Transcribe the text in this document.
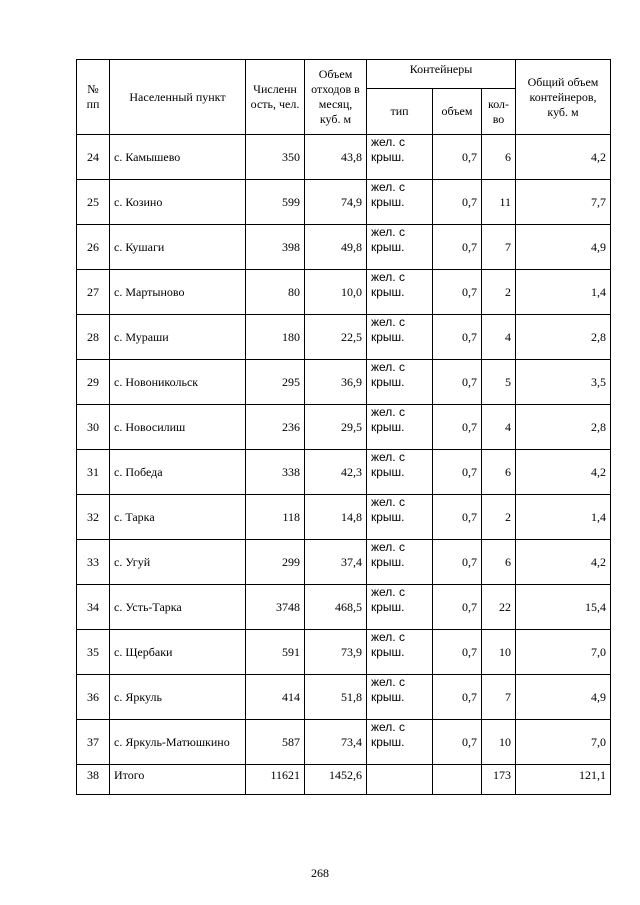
№ пп	Населенный пункт	Численн ость, чел.	Объем отходов в месяц, куб. м	Контейнеры			Общий объем контейнеров, куб. м
				тип	объем	кол-во	
24	с. Камышево	350	43,8	жел. с крыш.	0,7	6	4,2
25	с. Козино	599	74,9	жел. с крыш.	0,7	11	7,7
26	с. Кушаги	398	49,8	жел. с крыш.	0,7	7	4,9
27	с. Мартыново	80	10,0	жел. с крыш.	0,7	2	1,4
28	с. Мураши	180	22,5	жел. с крыш.	0,7	4	2,8
29	с. Новоникольск	295	36,9	жел. с крыш.	0,7	5	3,5
30	с. Новосилиш	236	29,5	жел. с крыш.	0,7	4	2,8
31	с. Победа	338	42,3	жел. с крыш.	0,7	6	4,2
32	с. Тарка	118	14,8	жел. с крыш.	0,7	2	1,4
33	с. Угуй	299	37,4	жел. с крыш.	0,7	6	4,2
34	с. Усть-Тарка	3748	468,5	жел. с крыш.	0,7	22	15,4
35	с. Щербаки	591	73,9	жел. с крыш.	0,7	10	7,0
36	с. Яркуль	414	51,8	жел. с крыш.	0,7	7	4,9
37	с. Яркуль-Матюшкино	587	73,4	жел. с крыш.	0,7	10	7,0
38	Итого	11621	1452,6			173	121,1
268
